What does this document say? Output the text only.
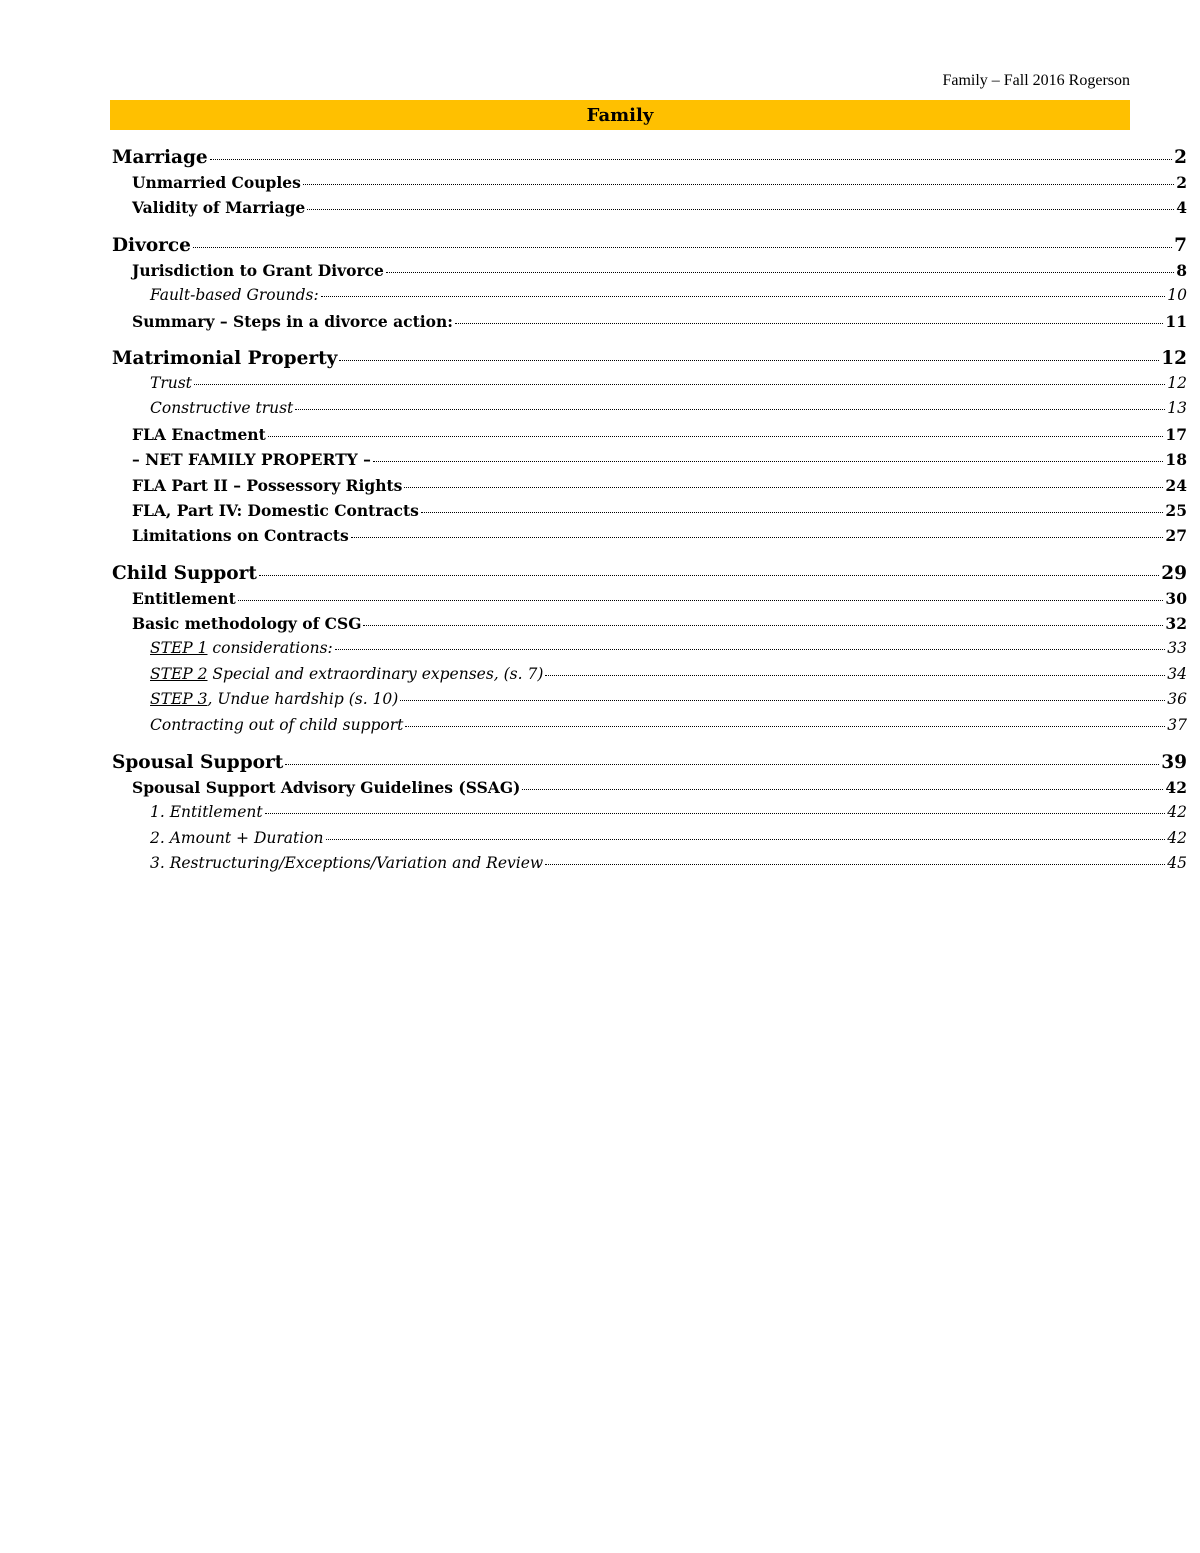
Family – Fall 2016 Rogerson
Family
Marriage	2
Unmarried Couples	2
Validity of Marriage	4
Divorce	7
Jurisdiction to Grant Divorce	8
Fault-based Grounds:	10
Summary – Steps in a divorce action:	11
Matrimonial Property	12
Trust	12
Constructive trust	13
FLA Enactment	17
– NET FAMILY PROPERTY –	18
FLA Part II – Possessory Rights	24
FLA, Part IV: Domestic Contracts	25
Limitations on Contracts	27
Child Support	29
Entitlement	30
Basic methodology of CSG	32
STEP 1 considerations:	33
STEP 2 Special and extraordinary expenses, (s. 7)	34
STEP 3, Undue hardship (s. 10)	36
Contracting out of child support	37
Spousal Support	39
Spousal Support Advisory Guidelines (SSAG)	42
1. Entitlement	42
2. Amount + Duration	42
3. Restructuring/Exceptions/Variation and Review	45
